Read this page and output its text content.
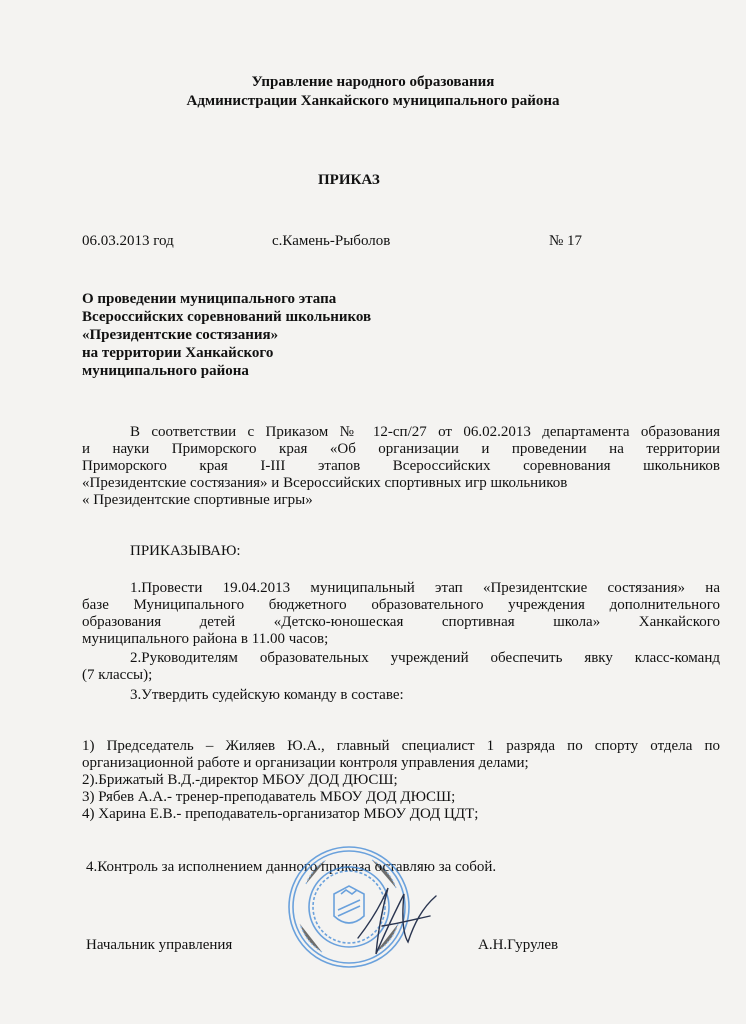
Управление народного образования
Администрации Ханкайского муниципального района
ПРИКАЗ
06.03.2013 год	с.Камень-Рыболов	№ 17
О проведении муниципального этапа
Всероссийских соревнований школьников
«Президентские состязания»
на территории Ханкайского
муниципального района
В соответствии с Приказом № 12-сп/27 от 06.02.2013 департамента образования
и науки Приморского края «Об организации и проведении на территории
Приморского края I-III этапов Всероссийских соревнования школьников
«Президентские состязания» и Всероссийских спортивных игр школьников
« Президентские спортивные игры»
ПРИКАЗЫВАЮ:
1.Провести 19.04.2013 муниципальный этап «Президентские состязания» на
базе Муниципального бюджетного образовательного учреждения дополнительного
образования детей «Детско-юношеская спортивная школа» Ханкайского
муниципального района в 11.00 часов;
2.Руководителям образовательных учреждений обеспечить явку класс-команд
(7 классы);
3.Утвердить судейскую команду в составе:
1) Председатель – Жиляев Ю.А., главный специалист 1 разряда по спорту отдела по
организационной работе и организации контроля управления делами;
2).Брижатый В.Д.-директор МБОУ ДОД ДЮСШ;
3) Рябев А.А.- тренер-преподаватель МБОУ ДОД ДЮСШ;
4) Харина Е.В.- преподаватель-организатор МБОУ ДОД ЦДТ;
4.Контроль за исполнением данного приказа оставляю за собой.
Начальник управления	А.Н.Гурулев
